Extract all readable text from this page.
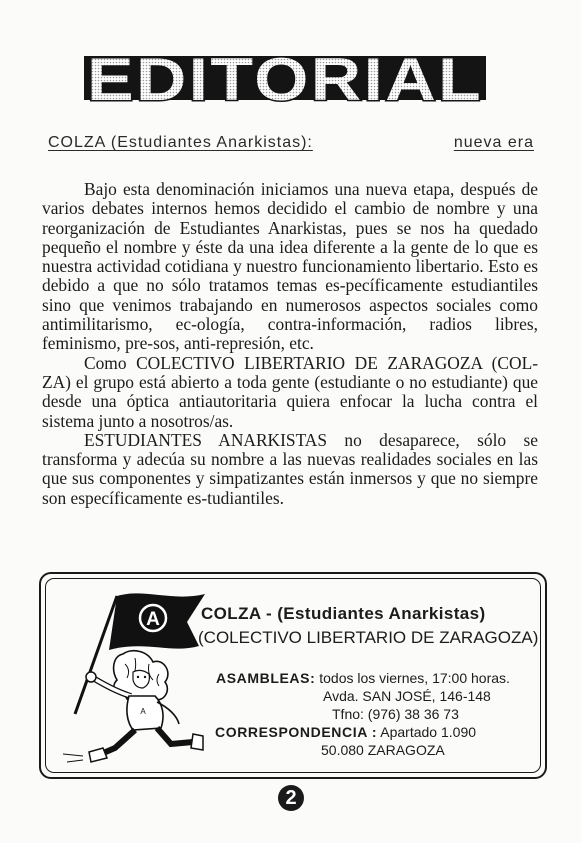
EDITORIAL
COLZA (Estudiantes Anarkistas):	nueva era

Bajo esta denominación iniciamos una nueva etapa, después de varios debates internos hemos decidido el cambio de nombre y una reorganización de Estudiantes Anarkistas, pues se nos ha quedado pequeño el nombre y éste da una idea diferente a la gente de lo que es nuestra actividad cotidiana y nuestro funcionamiento libertario. Esto es debido a que no sólo tratamos temas es-pecíficamente estudiantiles sino que venimos trabajando en numerosos aspectos sociales como antimilitarismo, ec-ología, contra-información, radios libres, feminismo, pre-sos, anti-represión, etc.

Como COLECTIVO LIBERTARIO DE ZARAGOZA (COL-ZA) el grupo está abierto a toda gente (estudiante o no estudiante) que desde una óptica antiautoritaria quiera enfocar la lucha contra el sistema junto a nosotros/as.

ESTUDIANTES ANARKISTAS no desaparece, sólo se transforma y adecúa su nombre a las nuevas realidades sociales en las que sus componentes y simpatizantes están inmersos y que no siempre son específicamente es-tudiantiles.

A
A
COLZA - (Estudiantes Anarkistas)
(COLECTIVO LIBERTARIO DE ZARAGOZA)
ASAMBLEAS: todos los viernes, 17:00 horas.
Avda. SAN JOSÉ, 146-148
Tfno: (976) 38 36 73
CORRESPONDENCIA : Apartado 1.090
50.080 ZARAGOZA
2
